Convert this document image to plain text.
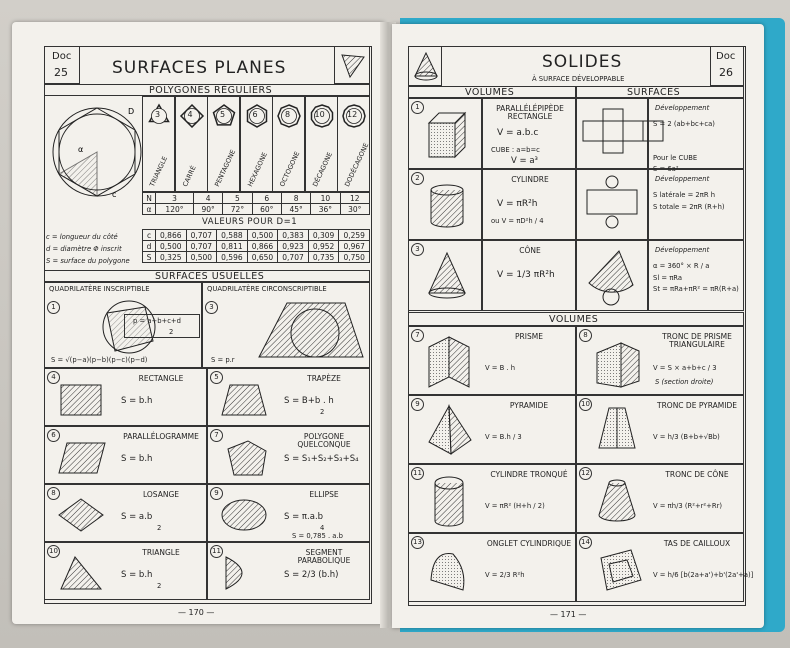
Doc
25	SURFACES PLANES
POLYGONES RÉGULIERS
D
α
c
3
TRIANGLE
4
CARRÉ
5
PENTAGONE
6
HEXAGONE
8
OCTOGONE
10
DÉCAGONE
12
DODÉCAGONE
N	3	4	5	6	8	10	12
α	120°	90°	72°	60°	45°	36°	30°
VALEURS POUR D=1
c = longueur du côté
d = diamètre Φ inscrit
S = surface du polygone
c	0,866	0,707	0,588	0,500	0,383	0,309	0,259
d	0,500	0,707	0,811	0,866	0,923	0,952	0,967
S	0,325	0,500	0,596	0,650	0,707	0,735	0,750
SURFACES USUELLES
QUADRILATÈRE INSCRIPTIBLE
1
S = √(p−a)(p−b)(p−c)(p−d)
QUADRILATÈRE CIRCONSCRIPTIBLE
3
S = p.r
p = a+b+c+d
2
4	RECTANGLE
S = b.h
5	TRAPÈZE
S = B+b . h
2
6	PARALLÉLOGRAMME
S = b.h
7	POLYGONE QUELCONQUE
S = S₁+S₂+S₃+S₄
8	LOSANGE
S = a.b
2
9	ELLIPSE
S = π.a.b
4
S = 0,785 . a.b
10	TRIANGLE
S = b.h
2
11	SEGMENT PARABOLIQUE
S = 2/3 (b.h)
— 170 —
SOLIDES
À SURFACE DÉVELOPPABLE
Doc
26
VOLUMES	SURFACES
1	PARALLÉLÉPIPÈDE RECTANGLE
V = a.b.c
CUBE : a=b=c
V = a³
Développement
S = 2 (ab+bc+ca)
Pour le CUBE
S = 6a²
2	CYLINDRE
V = πR²h
ou V = πD²h / 4
Développement
S latérale = 2πR h
S totale = 2πR (R+h)
3	CÔNE
V = 1/3 πR²h
Développement
α = 360° × R / a
Sl = πRa
St = πRa+πR² = πR(R+a)
VOLUMES
7	PRISME
V = B . h
8	TRONC DE PRISME TRIANGULAIRE
V = S × a+b+c / 3
S (section droite)
9	PYRAMIDE
V = B.h / 3
10	TRONC DE PYRAMIDE
V = h/3 (B+b+√Bb)
11	CYLINDRE TRONQUÉ
V = πR² (H+h / 2)
12	TRONC DE CÔNE
V = πh/3 (R²+r²+Rr)
13	ONGLET CYLINDRIQUE
V = 2/3 R²h
14	TAS DE CAILLOUX
V = h/6 [b(2a+a')+b'(2a'+a)]
— 171 —
